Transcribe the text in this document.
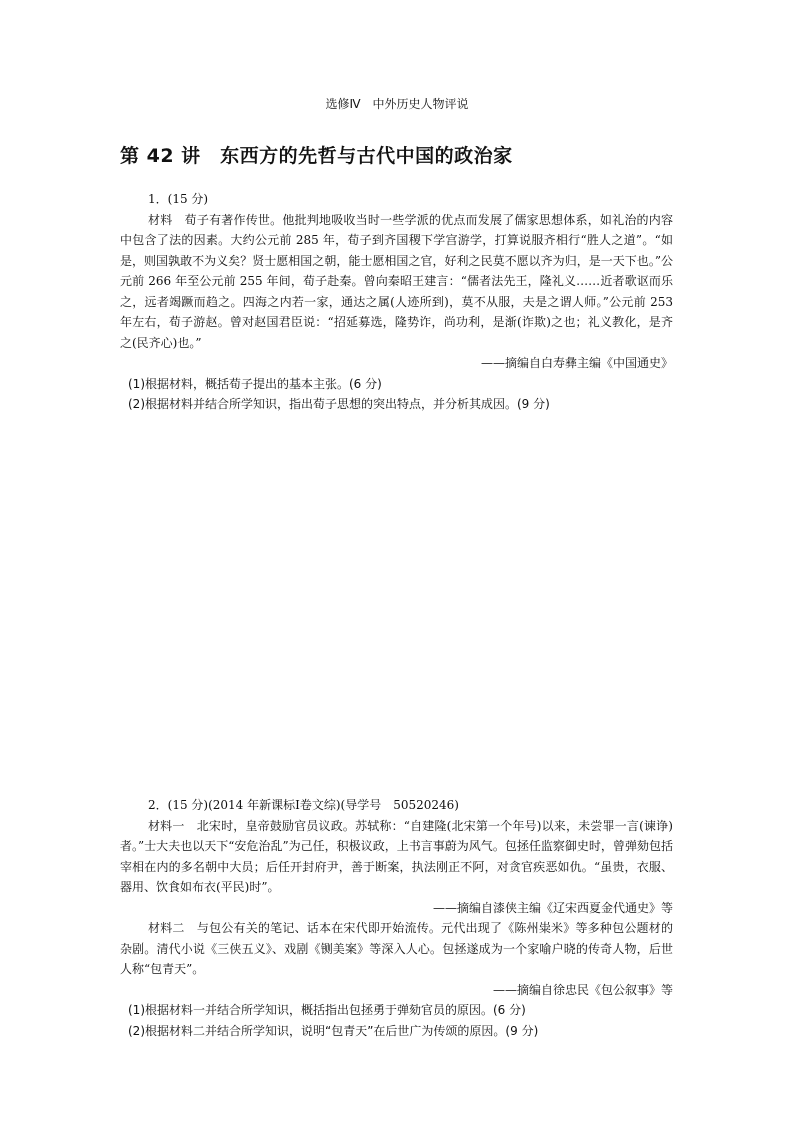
选修Ⅳ　中外历史人物评说
第 42 讲　东西方的先哲与古代中国的政治家
1．(15 分)

材料　 荀子有著作传世。他批判地吸收当时一些学派的优点而发展了儒家思想体系，如礼治的内容中包含了法的因素。大约公元前 285 年，荀子到齐国稷下学宫游学，打算说服齐相行“胜人之道”。“如是，则国孰敢不为义矣？贤士愿相国之朝，能士愿相国之官，好利之民莫不愿以齐为归，是一天下也。”公元前 266 年至公元前 255 年间，荀子赴秦。曾向秦昭王建言：“儒者法先王，隆礼义……近者歌讴而乐之，远者竭蹶而趋之。四海之内若一家，通达之属(人迹所到)，莫不从服，夫是之谓人师。”公元前 253 年左右，荀子游赵。曾对赵国君臣说：“招延募选，隆势诈，尚功利，是渐(诈欺)之也；礼义教化，是齐之(民齐心)也。”

——摘编自白寿彝主编《中国通史》
(1)根据材料，概括荀子提出的基本主张。(6 分)
(2)根据材料并结合所学知识，指出荀子思想的突出特点，并分析其成因。(9 分)
2．(15 分)(2014 年新课标Ⅰ卷文综)(导学号　50520246)

材料一　 北宋时，皇帝鼓励官员议政。苏轼称：“自建隆(北宋第一个年号)以来，未尝罪一言(谏诤)者。”士大夫也以天下“安危治乱”为己任，积极议政，上书言事蔚为风气。包拯任监察御史时，曾弹劾包括宰相在内的多名朝中大员；后任开封府尹，善于断案，执法刚正不阿，对贪官疾恶如仇。“虽贵，衣服、器用、饮食如布衣(平民)时”。

——摘编自漆侠主编《辽宋西夏金代通史》等

材料二　 与包公有关的笔记、话本在宋代即开始流传。元代出现了《陈州粜米》等多种包公题材的杂剧。清代小说《三侠五义》、戏剧《铡美案》等深入人心。包拯遂成为一个家喻户晓的传奇人物，后世人称“包青天”。

——摘编自徐忠民《包公叙事》等
(1)根据材料一并结合所学知识，概括指出包拯勇于弹劾官员的原因。(6 分)
(2)根据材料二并结合所学知识，说明“包青天”在后世广为传颂的原因。(9 分)
